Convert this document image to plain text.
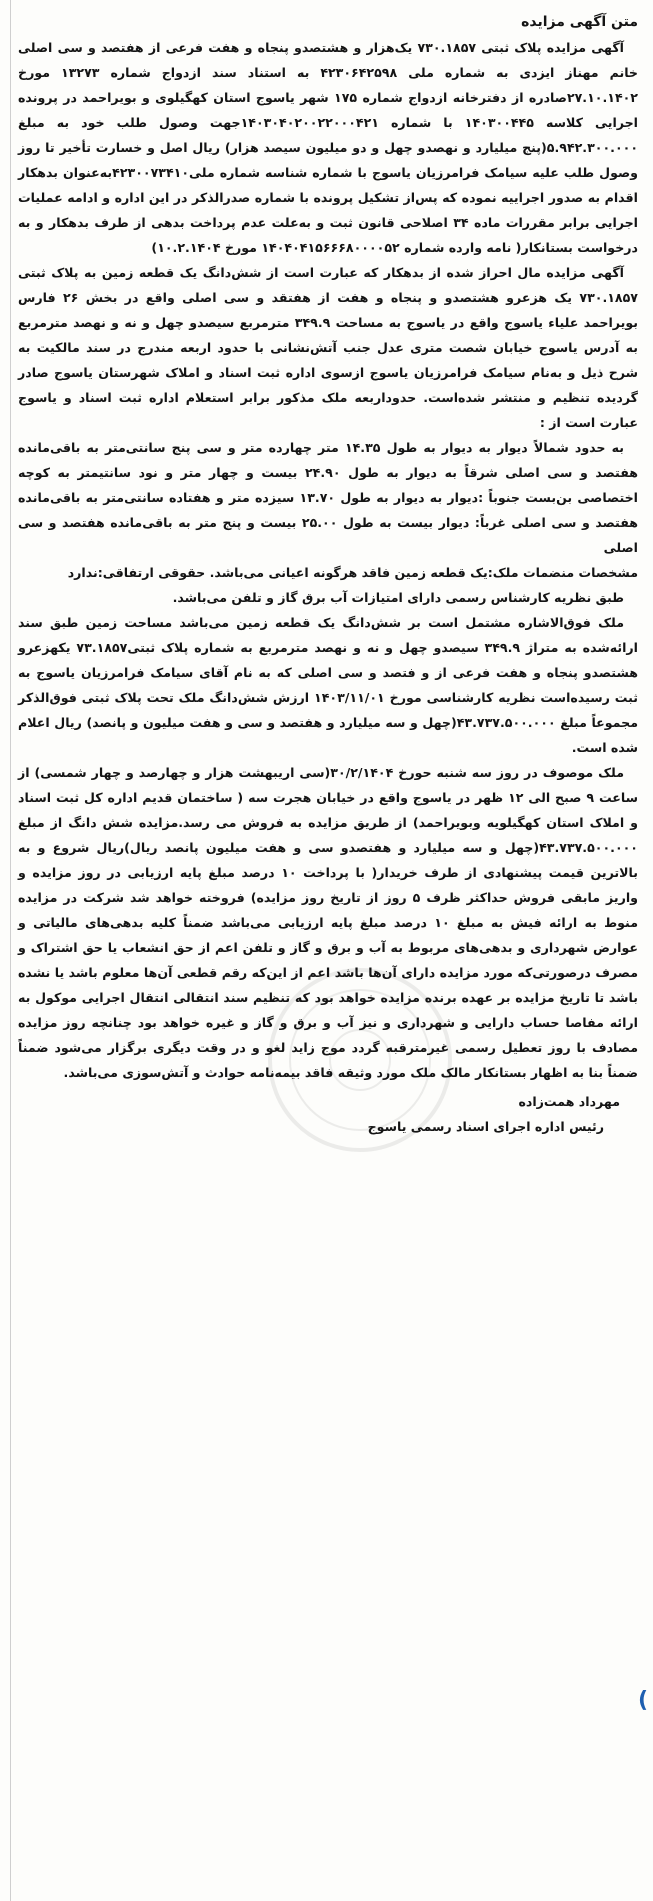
متن آگهی مزایده

آگهی مزایده پلاک ثبتی ۷۳۰.۱۸۵۷ یک‌هزار و هشتصدو پنجاه و هفت فرعی از هفتصد و سی اصلی خانم مهناز ایزدی به شماره ملی ۴۲۳۰۶۴۲۵۹۸ به استناد سند ازدواج شماره ۱۳۲۷۳ مورخ ۲۷.۱۰.۱۴۰۲صادره از دفترخانه ازدواج شماره ۱۷۵ شهر یاسوج استان کهگیلوی و بویراحمد در پرونده اجرایی کلاسه ۱۴۰۳۰۰۴۴۵ با شماره ۱۴۰۳۰۴۰۲۰۰۲۲۰۰۰۴۲۱جهت وصول طلب خود به مبلغ ۵.۹۴۲.۳۰۰.۰۰۰(پنج میلیارد و نهصدو چهل و دو میلیون سیصد هزار) ریال اصل و خسارت تأخیر تا روز وصول طلب علیه سیامک فرامرزیان یاسوج با شماره شناسه شماره ملی۴۲۳۰۰۷۳۴۱۰به‌عنوان بدهکار اقدام به صدور اجراییه نموده که پس‌از تشکیل پرونده با شماره صدرالذکر در این اداره و ادامه عملیات اجرایی برابر مقررات ماده ۳۴ اصلاحی قانون ثبت و به‌علت عدم پرداخت بدهی از طرف بدهکار و به درخواست بستانکار( نامه وارده شماره ۱۴۰۴۰۴۱۵۶۶۶۸۰۰۰۰۵۲ مورخ ۱۰.۲.۱۴۰۴)

آگهی مزایده مال احراز شده از بدهکار که عبارت است از شش‌دانگ یک قطعه زمین به پلاک ثبتی ۷۳۰.۱۸۵۷ یک هزعرو هشتصدو و پنجاه و هفت از هفتقد و سی اصلی واقع در بخش ۲۶ فارس بویراحمد علیاء یاسوج واقع در یاسوج به مساحت ۳۴۹.۹ مترمربع سیصدو چهل و نه و نهصد مترمربع به آدرس یاسوج خیابان شصت متری عدل جنب آتش‌نشانی با حدود اربعه مندرج در سند مالکیت به شرح ذیل و به‌نام سیامک فرامرزیان یاسوج ازسوی اداره ثبت اسناد و املاک شهرستان یاسوج صادر گردیده تنظیم و منتشر شده‌است. حدوداربعه ملک مذکور برابر استعلام اداره ثبت اسناد و یاسوج عبارت است از :

به حدود شمالاً دیوار به دیوار به طول ۱۴.۳۵ متر چهارده متر و سی پنج سانتی‌متر به باقی‌مانده هفتصد و سی اصلی شرقاً به دیوار به طول ۲۴.۹۰ بیست و چهار متر و نود سانتیمتر به کوچه اختصاصی بن‌بست جنوباً :دیوار به دیوار به طول ۱۳.۷۰ سیزده متر و هفتاده سانتی‌متر به باقی‌مانده هفتصد و سی اصلی غرباً: دیوار بیست به طول ۲۵.۰۰ بیست و پنج متر به باقی‌مانده هفتصد و سی اصلی

مشخصات منضمات ملک:یک قطعه زمین فاقد هرگونه اعیانی می‌باشد. حقوقی ارتفاقی:ندارد

طبق نظریه کارشناس رسمی دارای امتیازات آب برق گاز و تلفن می‌باشد.

ملک فوق‌الاشاره مشتمل است بر شش‌دانگ یک قطعه زمین می‌باشد مساحت زمین طبق سند ارائه‌شده به متراژ ۳۴۹.۹ سیصدو چهل و نه و نهصد مترمربع به شماره پلاک ثبتی۷۳.۱۸۵۷ یکهزعرو هشتصدو پنجاه و هفت فرعی از و فتصد و سی اصلی که به نام آقای سیامک فرامرزیان یاسوج به ثبت رسیده‌است نظریه کارشناسی مورخ ۱۴۰۳/۱۱/۰۱ ارزش شش‌دانگ ملک تحت پلاک ثبتی فوق‌الذکر مجموعاً مبلغ ۴۳.۷۳۷.۵۰۰.۰۰۰(چهل و سه میلیارد و هفتصد و سی و هفت میلیون و پانصد) ریال اعلام شده است.

ملک موصوف در روز سه شنبه حورخ ۳۰/۲/۱۴۰۴(سی اریبهشت هزار و چهارصد و چهار شمسی) از ساعت ۹ صبح الی ۱۲ ظهر در یاسوج واقع در خیابان هجرت سه ( ساختمان قدیم اداره کل ثبت اسناد و املاک استان کهگیلویه وبویراحمد) از طریق مزایده به فروش می رسد.مزایده شش دانگ از مبلغ ۴۳.۷۳۷.۵۰۰.۰۰۰(چهل و سه میلیارد و هفتصدو سی و هفت میلیون پانصد ریال)ریال شروع و به بالاترین قیمت پیشنهادی از طرف خریدار( با پرداخت ۱۰ درصد مبلغ پایه ارزیابی در روز مزایده و واریز مابقی فروش حداکثر ظرف ۵ روز از تاریخ روز مزایده) فروخته خواهد شد شرکت در مزایده منوط به ارائه فیش به مبلغ ۱۰ درصد مبلغ پایه ارزیابی می‌باشد ضمناً کلیه بدهی‌های مالیاتی و عوارض شهرداری و بدهی‌های مربوط به آب و برق و گاز و تلفن اعم از حق انشعاب یا حق اشتراک و مصرف درصورتی‌که مورد مزایده دارای آن‌ها باشد اعم از این‌که رقم قطعی آن‌ها معلوم باشد یا نشده باشد تا تاریخ مزایده بر عهده برنده مزایده خواهد بود که تنظیم سند انتقالی انتقال اجرایی موکول به ارائه مفاصا حساب دارایی و شهرداری و نیز آب و برق و گاز و غیره خواهد بود چنانچه روز مزایده مصادف با روز تعطیل رسمی غیرمترقبه گردد موج زاید لغو و در وقت دیگری برگزار می‌شود ضمناً ضمناً بنا به اظهار بستانکار مالک ملک مورد وثیقه فاقد بیمه‌نامه حوادث و آتش‌سوزی می‌باشد.

مهرداد همت‌زاده

رئیس اداره اجرای اسناد رسمی یاسوج

(
